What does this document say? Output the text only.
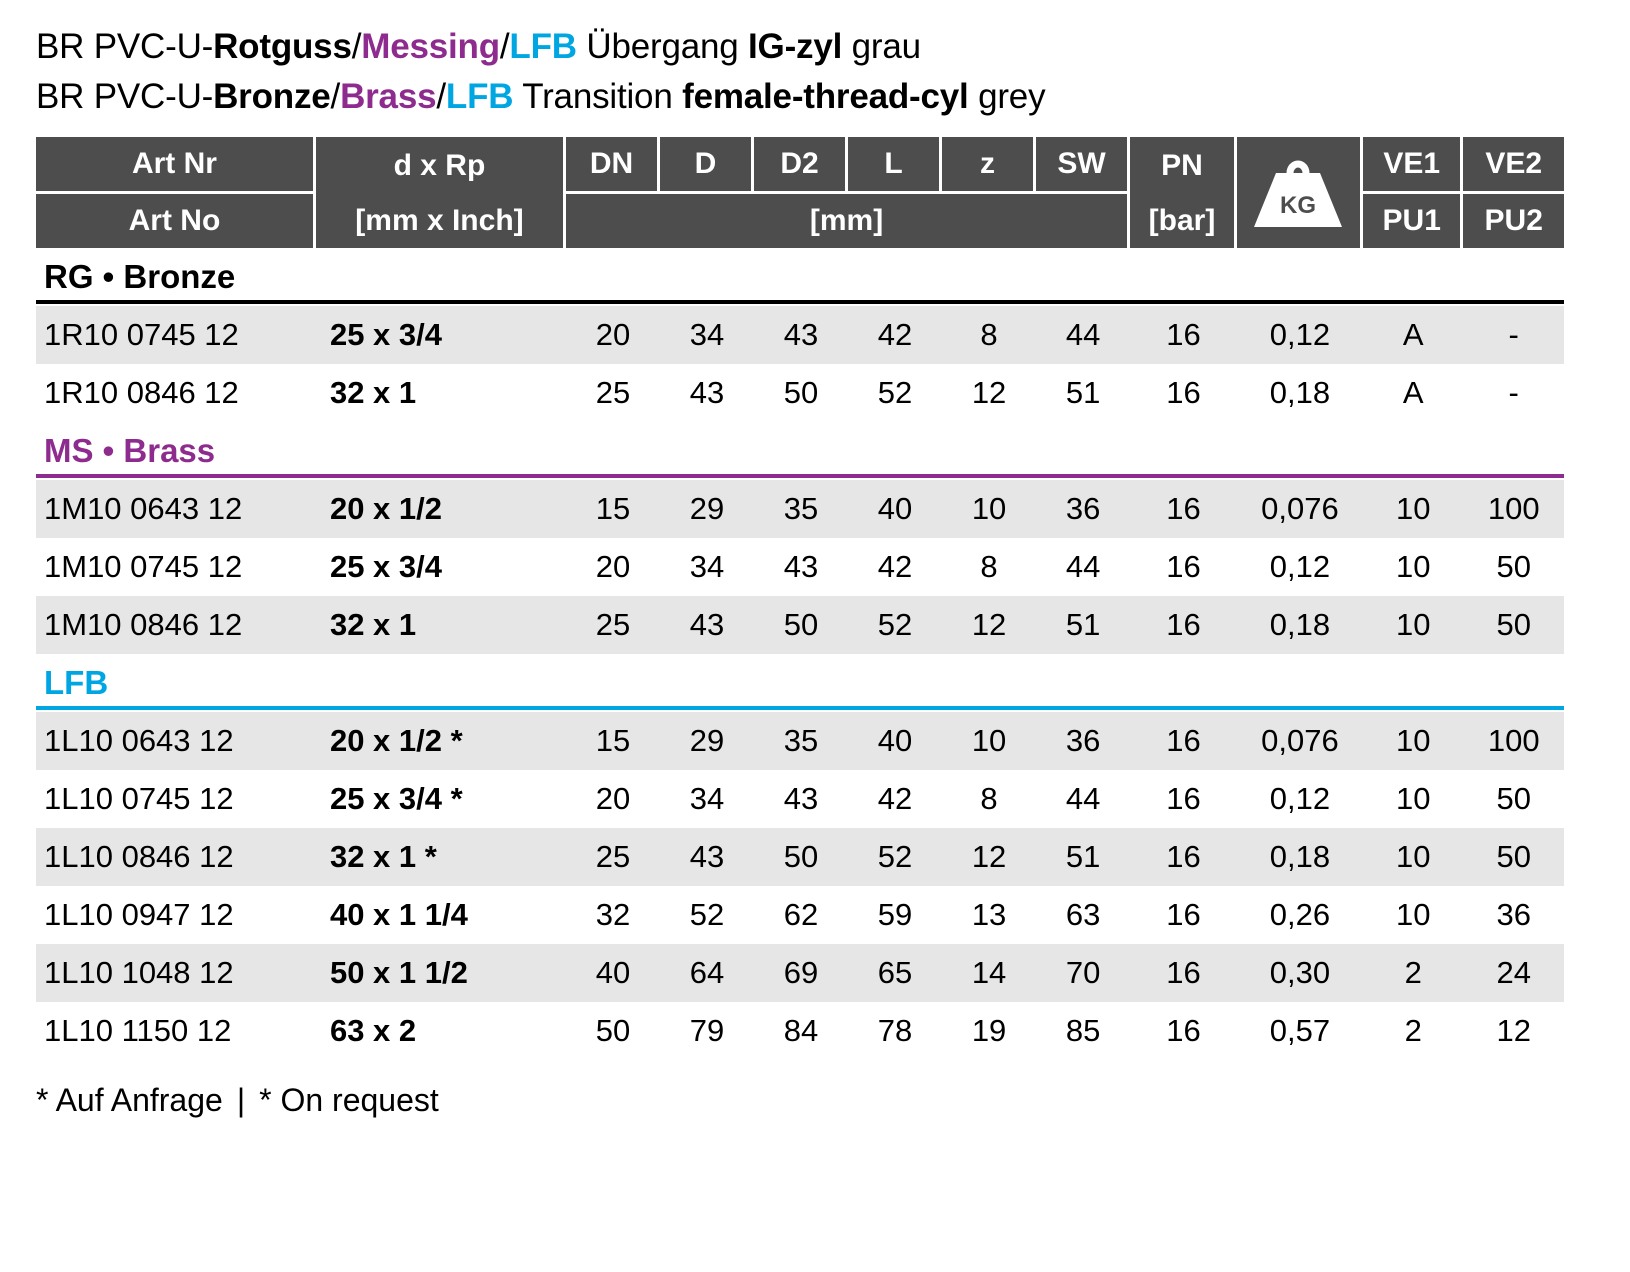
BR PVC-U-Rotguss/Messing/LFB Übergang IG-zyl grau
BR PVC-U-Bronze/Brass/LFB Transition female-thread-cyl grey
Art Nr	d x Rp	DN	D	D2	L	z	SW	PN	KG	VE1	VE2
Art No	[mm x Inch]	[mm]						[bar]		PU1	PU2

RG • Bronze											

1R10 0745 12	25 x 3/4	20	34	43	42	8	44	16	0,12	A	-
1R10 0846 12	32 x 1	25	43	50	52	12	51	16	0,18	A	-

MS • Brass											

1M10 0643 12	20 x 1/2	15	29	35	40	10	36	16	0,076	10	100
1M10 0745 12	25 x 3/4	20	34	43	42	8	44	16	0,12	10	50
1M10 0846 12	32 x 1	25	43	50	52	12	51	16	0,18	10	50

LFB											

1L10 0643 12	20 x 1/2 *	15	29	35	40	10	36	16	0,076	10	100
1L10 0745 12	25 x 3/4 *	20	34	43	42	8	44	16	0,12	10	50
1L10 0846 12	32 x 1 *	25	43	50	52	12	51	16	0,18	10	50
1L10 0947 12	40 x 1 1/4	32	52	62	59	13	63	16	0,26	10	36
1L10 1048 12	50 x 1 1/2	40	64	69	65	14	70	16	0,30	2	24
1L10 1150 12	63 x 2	50	79	84	78	19	85	16	0,57	2	12
* Auf Anfrage | * On request
